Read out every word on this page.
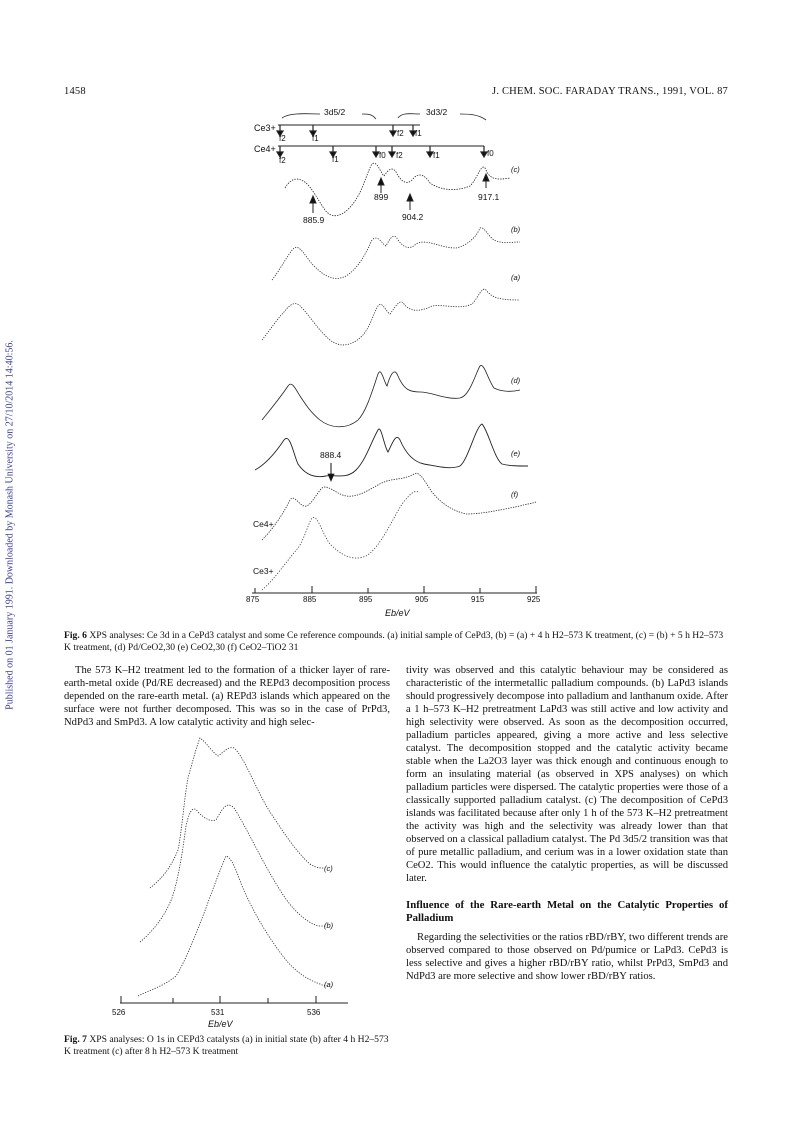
1458	J. CHEM. SOC. FARADAY TRANS., 1991, VOL. 87
Published on 01 January 1991. Downloaded by Monash University on 27/10/2014 14:40:56.
Ce3+
3d5/2	3d3/2
f2	f1
f2 f1
Ce4+
f2	f1	f0 f2	f1	f0
(c)
885.9
899
904.2
917.1
(b)
(a)
(d)
(e)
888.4
(f)
Ce4+
Ce3+
875	885	895	905	915	925
Eb/eV
Fig. 6 XPS analyses: Ce 3d in a CePd3 catalyst and some Ce reference compounds. (a) initial sample of CePd3, (b) = (a) + 4 h H2–573 K treatment, (c) = (b) + 5 h H2–573 K treatment, (d) Pd/CeO2,30 (e) CeO2,30 (f) CeO2–TiO2 31

The 573 K–H2 treatment led to the formation of a thicker layer of rare-earth-metal oxide (Pd/RE decreased) and the REPd3 decomposition process depended on the rare-earth metal. (a) REPd3 islands which appeared on the surface were not further decomposed. This was so in the case of PrPd3, NdPd3 and SmPd3. A low catalytic activity and high selec-

(c)
(b)
(a)
526	531	536
Eb/eV
Fig. 7 XPS analyses: O 1s in CEPd3 catalysts (a) in initial state (b) after 4 h H2–573 K treatment (c) after 8 h H2–573 K treatment

tivity was observed and this catalytic behaviour may be considered as characteristic of the intermetallic palladium compounds. (b) LaPd3 islands should progressively decompose into palladium and lanthanum oxide. After a 1 h–573 K–H2 pretreatment LaPd3 was still active and low activity and high selectivity were observed. As soon as the decomposition occurred, palladium particles appeared, giving a more active and less selective catalyst. The decomposition stopped and the catalytic activity became stable when the La2O3 layer was thick enough and continuous enough to form an insulating material (as observed in XPS analyses) on which palladium particles were dispersed. The catalytic properties were those of a classically supported palladium catalyst. (c) The decomposition of CePd3 islands was facilitated because after only 1 h of the 573 K–H2 pretreatment the activity was high and the selectivity was already lower than that observed on a classical palladium catalyst. The Pd 3d5/2 transition was that of pure metallic palladium, and cerium was in a lower oxidation state than CeO2. This would influence the catalytic properties, as will be discussed later.

Influence of the Rare-earth Metal on the Catalytic Properties of Palladium

Regarding the selectivities or the ratios rBD/rBY, two different trends are observed compared to those observed on Pd/pumice or LaPd3. CePd3 is less selective and gives a higher rBD/rBY ratio, whilst PrPd3, SmPd3 and NdPd3 are more selective and show lower rBD/rBY ratios.
